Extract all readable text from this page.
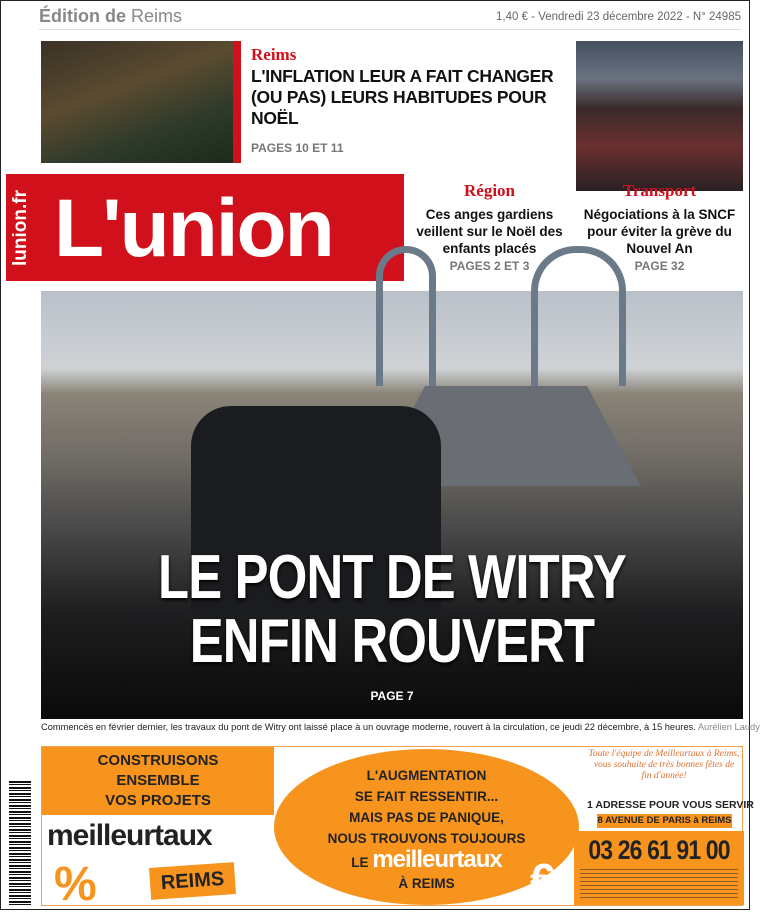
Édition de Reims	1,40 € - Vendredi 23 décembre 2022 - N° 24985
Reims
L'INFLATION LEUR A FAIT CHANGER (OU PAS) LEURS HABITUDES POUR NOËL
PAGES 10 ET 11
lunion.fr L'union	Région
Ces anges gardiens veillent sur le Noël des enfants placés
PAGES 2 ET 3
Transport
Négociations à la SNCF pour éviter la grève du Nouvel An
PAGE 32
LE PONT DE WITRY
ENFIN ROUVERT
PAGE 7
Commencés en février dernier, les travaux du pont de Witry ont laissé place à un ouvrage moderne, rouvert à la circulation, ce jeudi 22 décembre, à 15 heures. Aurélien Laudy
CONSTRUISONS
ENSEMBLE
VOS PROJETS
meilleurtaux
%	REIMS
L'AUGMENTATION
SE FAIT RESSENTIR...
MAIS PAS DE PANIQUE,
NOUS TROUVONS TOUJOURS
LE meilleurtaux
À REIMS	€
Toute l'équipe de Meilleurtaux à Reims, vous souhaite de très bonnes fêtes de fin d'année!
1 ADRESSE POUR VOUS SERVIR
8 AVENUE DE PARIS à REIMS
03 26 61 91 00
